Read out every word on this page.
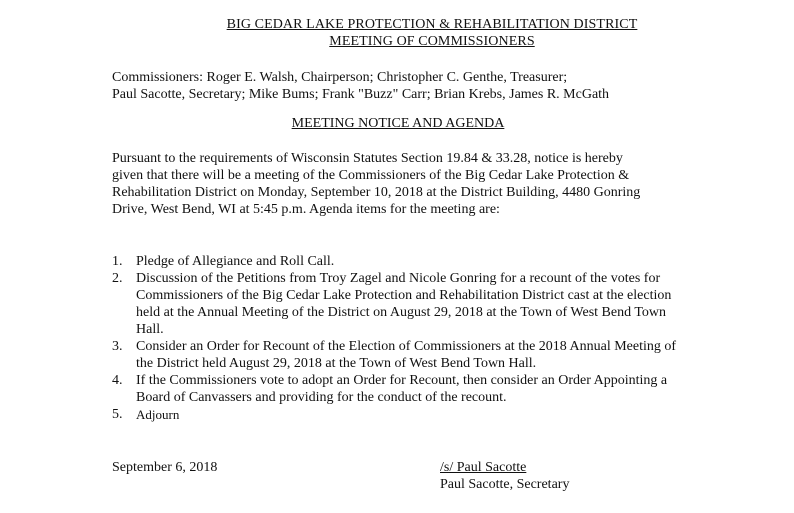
BIG CEDAR LAKE PROTECTION & REHABILITATION DISTRICT
MEETING OF COMMISSIONERS
Commissioners: Roger E. Walsh, Chairperson; Christopher C. Genthe, Treasurer;
Paul Sacotte, Secretary; Mike Bums; Frank "Buzz" Carr; Brian Krebs, James R. McGath
MEETING NOTICE AND AGENDA
Pursuant to the requirements of Wisconsin Statutes Section 19.84 & 33.28, notice is hereby
given that there will be a meeting of the Commissioners of the Big Cedar Lake Protection &
Rehabilitation District on Monday, September 10, 2018 at the District Building, 4480 Gonring
Drive, West Bend, WI at 5:45 p.m. Agenda items for the meeting are:
1. Pledge of Allegiance and Roll Call.
2. Discussion of the Petitions from Troy Zagel and Nicole Gonring for a recount of the votes for
Commissioners of the Big Cedar Lake Protection and Rehabilitation District cast at the election
held at the Annual Meeting of the District on August 29, 2018 at the Town of West Bend Town
Hall.
3. Consider an Order for Recount of the Election of Commissioners at the 2018 Annual Meeting of
the District held August 29, 2018 at the Town of West Bend Town Hall.
4. If the Commissioners vote to adopt an Order for Recount, then consider an Order Appointing a
Board of Canvassers and providing for the conduct of the recount.
5. Adjourn
September 6, 2018	/s/ Paul Sacotte
Paul Sacotte, Secretary
